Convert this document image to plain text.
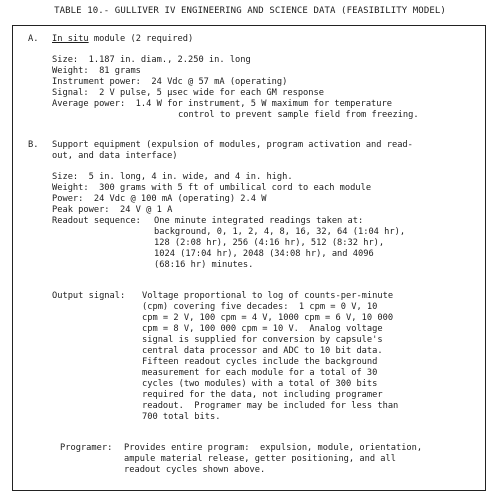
TABLE 10.- GULLIVER IV ENGINEERING AND SCIENCE DATA (FEASIBILITY MODEL)
A. In situ module (2 required)
Size:  1.187 in. diam., 2.250 in. long
Weight:  81 grams
Instrument power:  24 Vdc @ 57 mA (operating)
Signal:  2 V pulse, 5 μsec wide for each GM response
Average power:  1.4 W for instrument, 5 W maximum for temperature
control to prevent sample field from freezing.
B. Support equipment (expulsion of modules, program activation and read-
out, and data interface)
Size:  5 in. long, 4 in. wide, and 4 in. high.
Weight:  300 grams with 5 ft of umbilical cord to each module
Power:  24 Vdc @ 100 mA (operating) 2.4 W
Peak power:  24 V @ 1 A
Readout sequence: One minute integrated readings taken at:
background, 0, 1, 2, 4, 8, 16, 32, 64 (1:04 hr),
128 (2:08 hr), 256 (4:16 hr), 512 (8:32 hr),
1024 (17:04 hr), 2048 (34:08 hr), and 4096
(68:16 hr) minutes.
Output signal: Voltage proportional to log of counts-per-minute
(cpm) covering five decades:  1 cpm = 0 V, 10
cpm = 2 V, 100 cpm = 4 V, 1000 cpm = 6 V, 10 000
cpm = 8 V, 100 000 cpm = 10 V.  Analog voltage
signal is supplied for conversion by capsule's
central data processor and ADC to 10 bit data.
Fifteen readout cycles include the background
measurement for each module for a total of 30
cycles (two modules) with a total of 300 bits
required for the data, not including programer
readout.  Programer may be included for less than
700 total bits.
Programer: Provides entire program:  expulsion, module, orientation,
ampule material release, getter positioning, and all
readout cycles shown above.
